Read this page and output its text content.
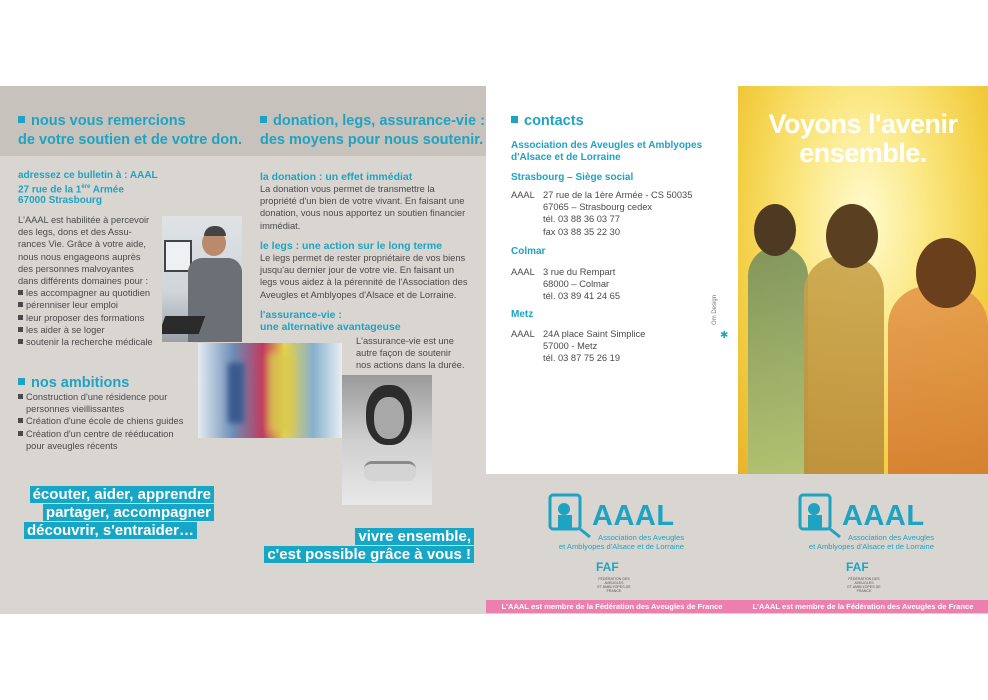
nous vous remercions
de votre soutien et de votre don.
adressez ce bulletin à : AAAL
27 rue de la 1ère Armée
67000 Strasbourg
L'AAAL est habilitée à percevoir
des legs, dons et des Assu-
rances Vie. Grâce à votre aide,
nous nous engageons auprès
des personnes malvoyantes
dans différents domaines pour :
les accompagner au quotidien
pérenniser leur emploi
leur proposer des formations
les aider à se loger
soutenir la recherche médicale
nos ambitions
Construction d'une résidence pour
personnes vieillissantes
Création d'une école de chiens guides
Création d'un centre de rééducation
pour aveugles récents
écouter, aider, apprendre
partager, accompagner
découvrir, s'entraider…
donation, legs, assurance-vie :
des moyens pour nous soutenir.
la donation : un effet immédiat
La donation vous permet de transmettre la
propriété d'un bien de votre vivant. En faisant une
donation, vous nous apportez un soutien financier
immédiat.
le legs : une action sur le long terme
Le legs permet de rester propriétaire de vos biens
jusqu'au dernier jour de votre vie. En faisant un
legs vous aidez à la pérennité de l'Association des
Aveugles et Amblyopes d'Alsace et de Lorraine.
l'assurance-vie :
une alternative avantageuse
L'assurance-vie est une
autre façon de soutenir
nos actions dans la durée.
vivre ensemble,
c'est possible grâce à vous !
contacts
Association des Aveugles et Amblyopes
d'Alsace et de Lorraine
Strasbourg – Siège social
AAAL 27 rue de la 1ère Armée - CS 50035
67065 – Strasbourg cedex
tél. 03 88 36 03 77
fax 03 88 35 22 30
Colmar
AAAL 3 rue du Rempart
68000 – Colmar
tél. 03 89 41 24 65
Metz
AAAL 24A place Saint Simplice
57000 - Metz
tél. 03 87 75 26 19
✱
Om Design
Voyons l'avenir
ensemble.
AAAL
Association des Aveugles
et Amblyopes d'Alsace et de Lorraine
FAF
FÉDÉRATION DES AVEUGLES
ET AMBLYOPES DE FRANCE
AAAL
Association des Aveugles
et Amblyopes d'Alsace et de Lorraine
FAF
FÉDÉRATION DES AVEUGLES
ET AMBLYOPES DE FRANCE
L'AAAL est membre de la Fédération des Aveugles de France	L'AAAL est membre de la Fédération des Aveugles de France
